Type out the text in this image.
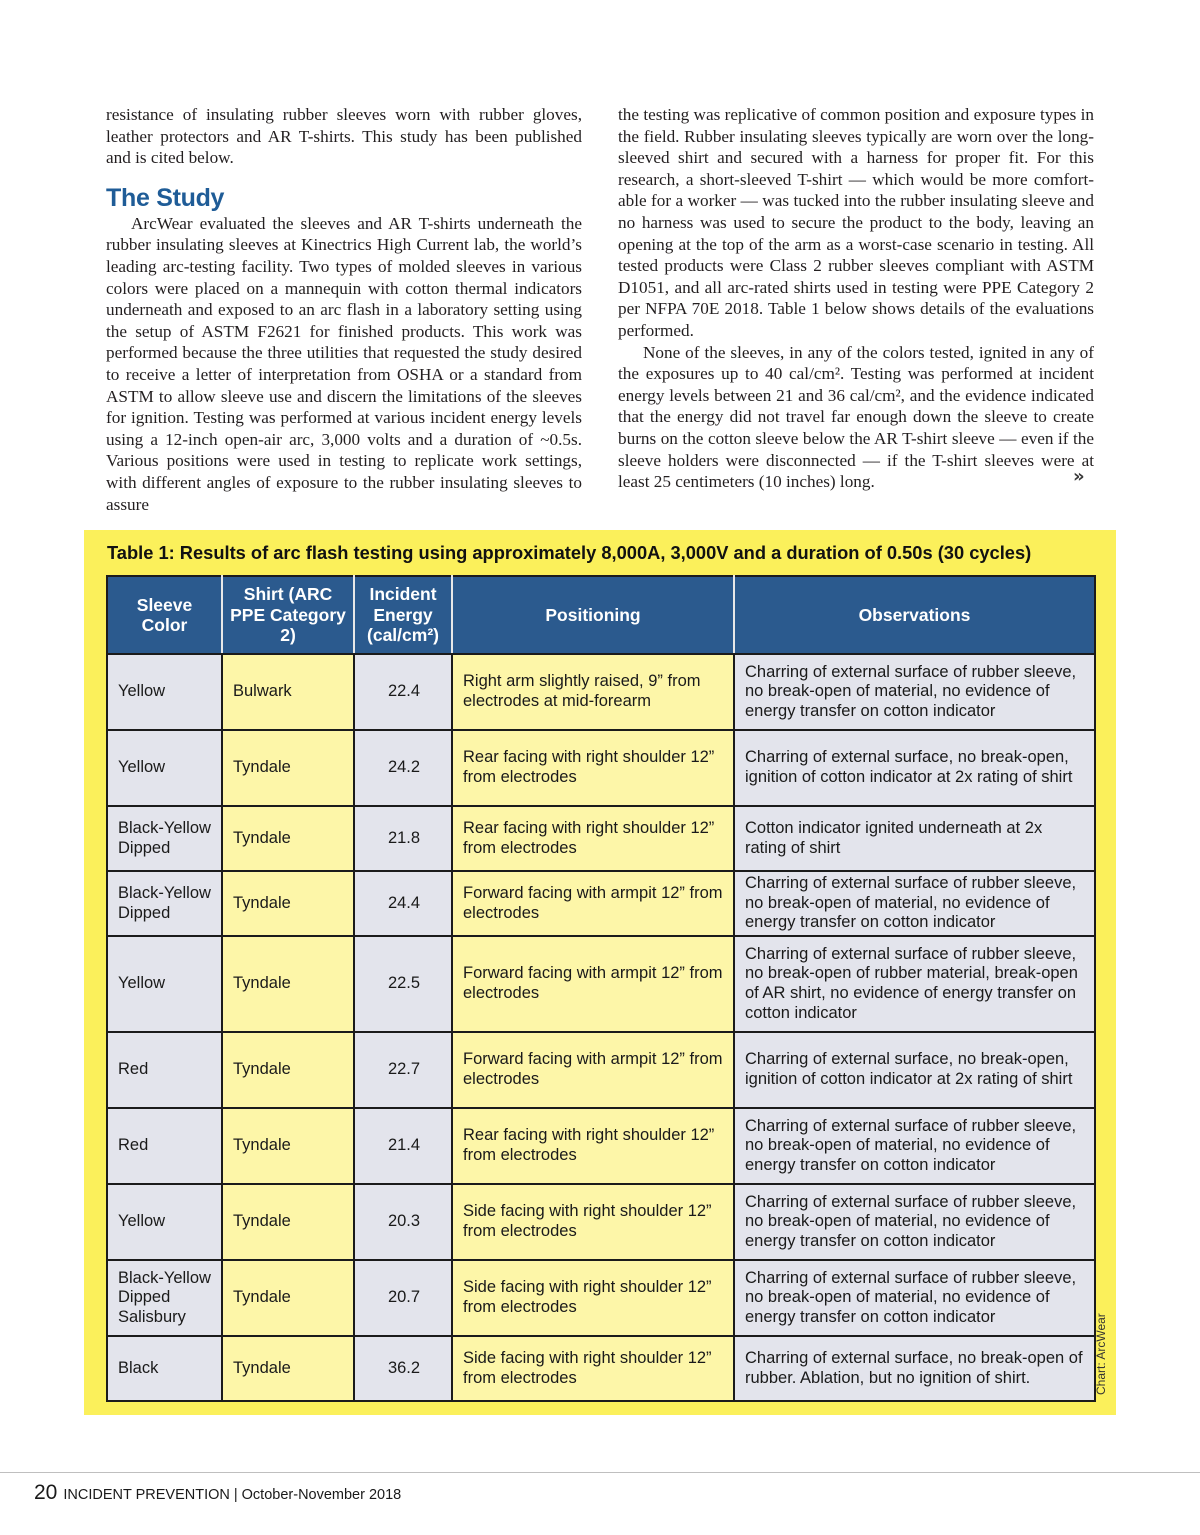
resistance of insulating rubber sleeves worn with rubber gloves, leather protectors and AR T-shirts. This study has been published and is cited below.

The Study

ArcWear evaluated the sleeves and AR T-shirts underneath the rubber insulating sleeves at Kinectrics High Current lab, the world’s leading arc-testing facility. Two types of molded sleeves in various colors were placed on a mannequin with cotton thermal indicators underneath and exposed to an arc flash in a laboratory setting using the setup of ASTM F2621 for finished products. This work was performed because the three utilities that requested the study desired to receive a letter of interpretation from OSHA or a standard from ASTM to allow sleeve use and discern the limitations of the sleeves for ignition. Testing was performed at various incident energy levels using a 12-inch open-air arc, 3,000 volts and a duration of ~0.5s. Various positions were used in testing to replicate work settings, with different angles of exposure to the rubber insulating sleeves to assure

the testing was replicative of common position and exposure types in the field. Rubber insulating sleeves typically are worn over the long-sleeved shirt and secured with a harness for proper fit. For this research, a short-sleeved T-shirt — which would be more comfort-able for a worker — was tucked into the rubber insulating sleeve and no harness was used to secure the product to the body, leaving an opening at the top of the arm as a worst-case scenario in testing. All tested products were Class 2 rubber sleeves compliant with ASTM D1051, and all arc-rated shirts used in testing were PPE Category 2 per NFPA 70E 2018. Table 1 below shows details of the evaluations performed.

None of the sleeves, in any of the colors tested, ignited in any of the exposures up to 40 cal/cm². Testing was performed at incident energy levels between 21 and 36 cal/cm², and the evidence indicated that the energy did not travel far enough down the sleeve to create burns on the cotton sleeve below the AR T-shirt sleeve — even if the sleeve holders were disconnected — if the T-shirt sleeves were at least 25 centimeters (10 inches) long.	»
Table 1: Results of arc flash testing using approximately 8,000A, 3,000V and a duration of 0.50s (30 cycles)
Sleeve Color	Shirt (ARC PPE Category 2)	Incident Energy (cal/cm²)	Positioning	Observations
Yellow	Bulwark	22.4	Right arm slightly raised, 9” from electrodes at mid-forearm	Charring of external surface of rubber sleeve, no break-open of material, no evidence of energy transfer on cotton indicator
Yellow	Tyndale	24.2	Rear facing with right shoulder 12” from electrodes	Charring of external surface, no break-open, ignition of cotton indicator at 2x rating of shirt
Black-Yellow Dipped	Tyndale	21.8	Rear facing with right shoulder 12” from electrodes	Cotton indicator ignited underneath at 2x rating of shirt
Black-Yellow Dipped	Tyndale	24.4	Forward facing with armpit 12” from electrodes	Charring of external surface of rubber sleeve, no break-open of material, no evidence of energy transfer on cotton indicator
Yellow	Tyndale	22.5	Forward facing with armpit 12” from electrodes	Charring of external surface of rubber sleeve, no break-open of rubber material, break-open of AR shirt, no evidence of energy transfer on cotton indicator
Red	Tyndale	22.7	Forward facing with armpit 12” from electrodes	Charring of external surface, no break-open, ignition of cotton indicator at 2x rating of shirt
Red	Tyndale	21.4	Rear facing with right shoulder 12” from electrodes	Charring of external surface of rubber sleeve, no break-open of material, no evidence of energy transfer on cotton indicator
Yellow	Tyndale	20.3	Side facing with right shoulder 12” from electrodes	Charring of external surface of rubber sleeve, no break-open of material, no evidence of energy transfer on cotton indicator
Black-Yellow Dipped Salisbury	Tyndale	20.7	Side facing with right shoulder 12” from electrodes	Charring of external surface of rubber sleeve, no break-open of material, no evidence of energy transfer on cotton indicator
Black	Tyndale	36.2	Side facing with right shoulder 12” from electrodes	Charring of external surface, no break-open of rubber. Ablation, but no ignition of shirt.	Chart: ArcWear
20 INCIDENT PREVENTION | October-November 2018
